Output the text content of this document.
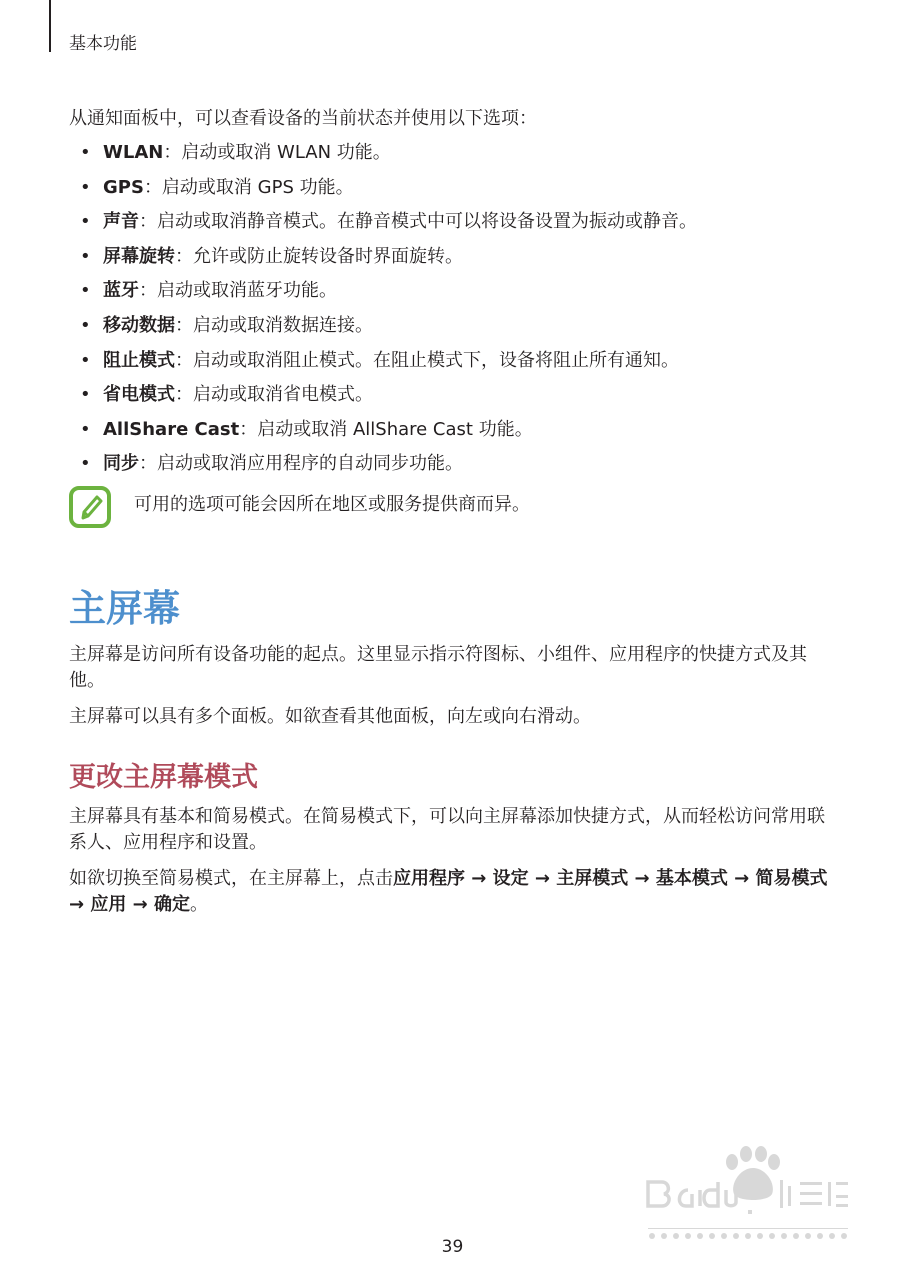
基本功能

从通知面板中，可以查看设备的当前状态并使用以下选项：

• WLAN：启动或取消 WLAN 功能。
• GPS：启动或取消 GPS 功能。
• 声音：启动或取消静音模式。在静音模式中可以将设备设置为振动或静音。
• 屏幕旋转：允许或防止旋转设备时界面旋转。
• 蓝牙：启动或取消蓝牙功能。
• 移动数据：启动或取消数据连接。
• 阻止模式：启动或取消阻止模式。在阻止模式下，设备将阻止所有通知。
• 省电模式：启动或取消省电模式。
• AllShare Cast：启动或取消 AllShare Cast 功能。
• 同步：启动或取消应用程序的自动同步功能。
可用的选项可能会因所在地区或服务提供商而异。
主屏幕

主屏幕是访问所有设备功能的起点。这里显示指示符图标、小组件、应用程序的快捷方式及其他。

主屏幕可以具有多个面板。如欲查看其他面板，向左或向右滑动。

更改主屏幕模式

主屏幕具有基本和简易模式。在简易模式下，可以向主屏幕添加快捷方式，从而轻松访问常用联系人、应用程序和设置。

如欲切换至简易模式，在主屏幕上，点击应用程序 → 设定 → 主屏模式 → 基本模式 → 简易模式 → 应用 → 确定。

39
